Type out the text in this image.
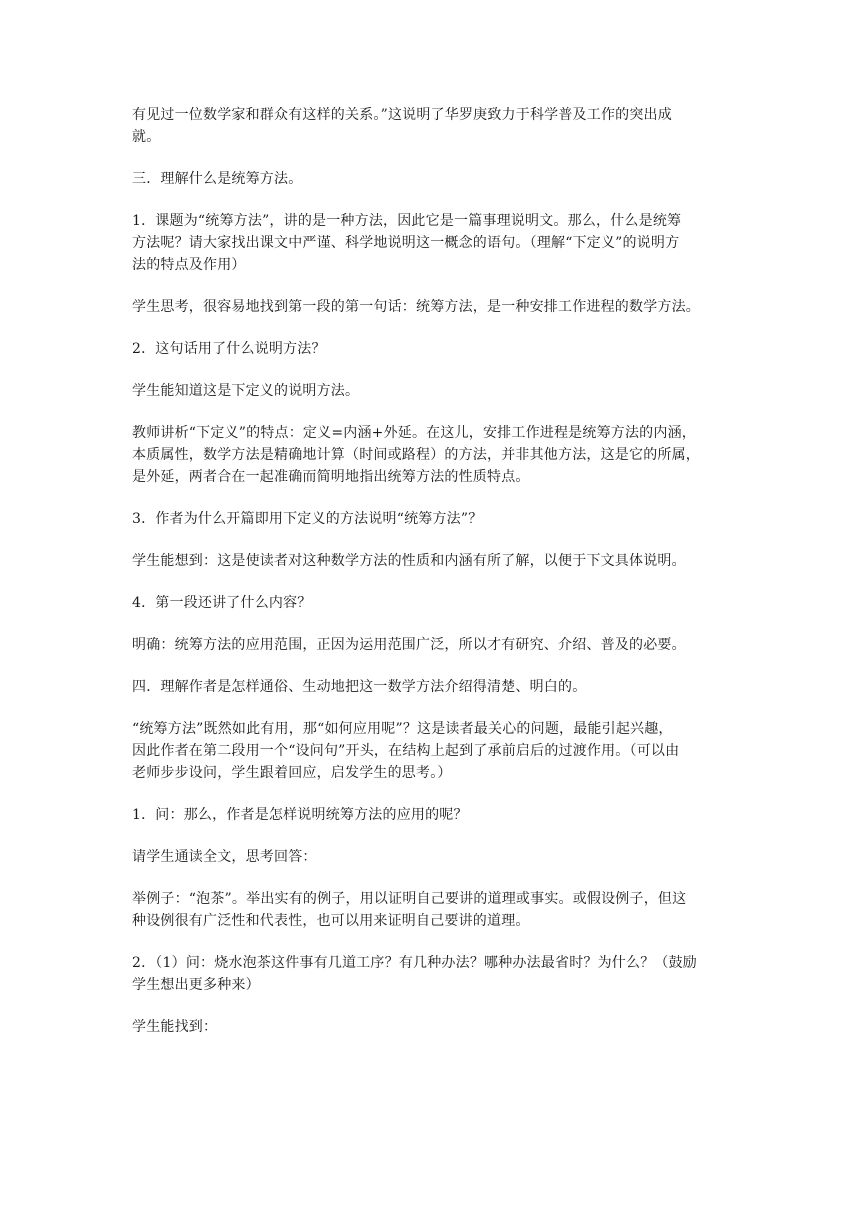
有见过一位数学家和群众有这样的关系。”这说明了华罗庚致力于科学普及工作的突出成
就。

三．理解什么是统筹方法。

1．课题为“统筹方法”，讲的是一种方法，因此它是一篇事理说明文。那么，什么是统筹
方法呢？请大家找出课文中严谨、科学地说明这一概念的语句。（理解“下定义”的说明方
法的特点及作用）

学生思考，很容易地找到第一段的第一句话：统筹方法，是一种安排工作进程的数学方法。

2．这句话用了什么说明方法？

学生能知道这是下定义的说明方法。

教师讲析“下定义”的特点：定义=内涵+外延。在这儿，安排工作进程是统筹方法的内涵，
本质属性，数学方法是精确地计算（时间或路程）的方法，并非其他方法，这是它的所属，
是外延，两者合在一起准确而简明地指出统筹方法的性质特点。

3．作者为什么开篇即用下定义的方法说明“统筹方法”？

学生能想到：这是使读者对这种数学方法的性质和内涵有所了解，以便于下文具体说明。

4．第一段还讲了什么内容？

明确：统筹方法的应用范围，正因为运用范围广泛，所以才有研究、介绍、普及的必要。

四．理解作者是怎样通俗、生动地把这一数学方法介绍得清楚、明白的。

“统筹方法”既然如此有用，那“如何应用呢”？这是读者最关心的问题，最能引起兴趣，
因此作者在第二段用一个“设问句”开头，在结构上起到了承前启后的过渡作用。（可以由
老师步步设问，学生跟着回应，启发学生的思考。）

1．问：那么，作者是怎样说明统筹方法的应用的呢？

请学生通读全文，思考回答：

举例子：“泡茶”。举出实有的例子，用以证明自己要讲的道理或事实。或假设例子，但这
种设例很有广泛性和代表性，也可以用来证明自己要讲的道理。

2．（1）问：烧水泡茶这件事有几道工序？有几种办法？哪种办法最省时？为什么？（鼓励
学生想出更多种来）

学生能找到：
